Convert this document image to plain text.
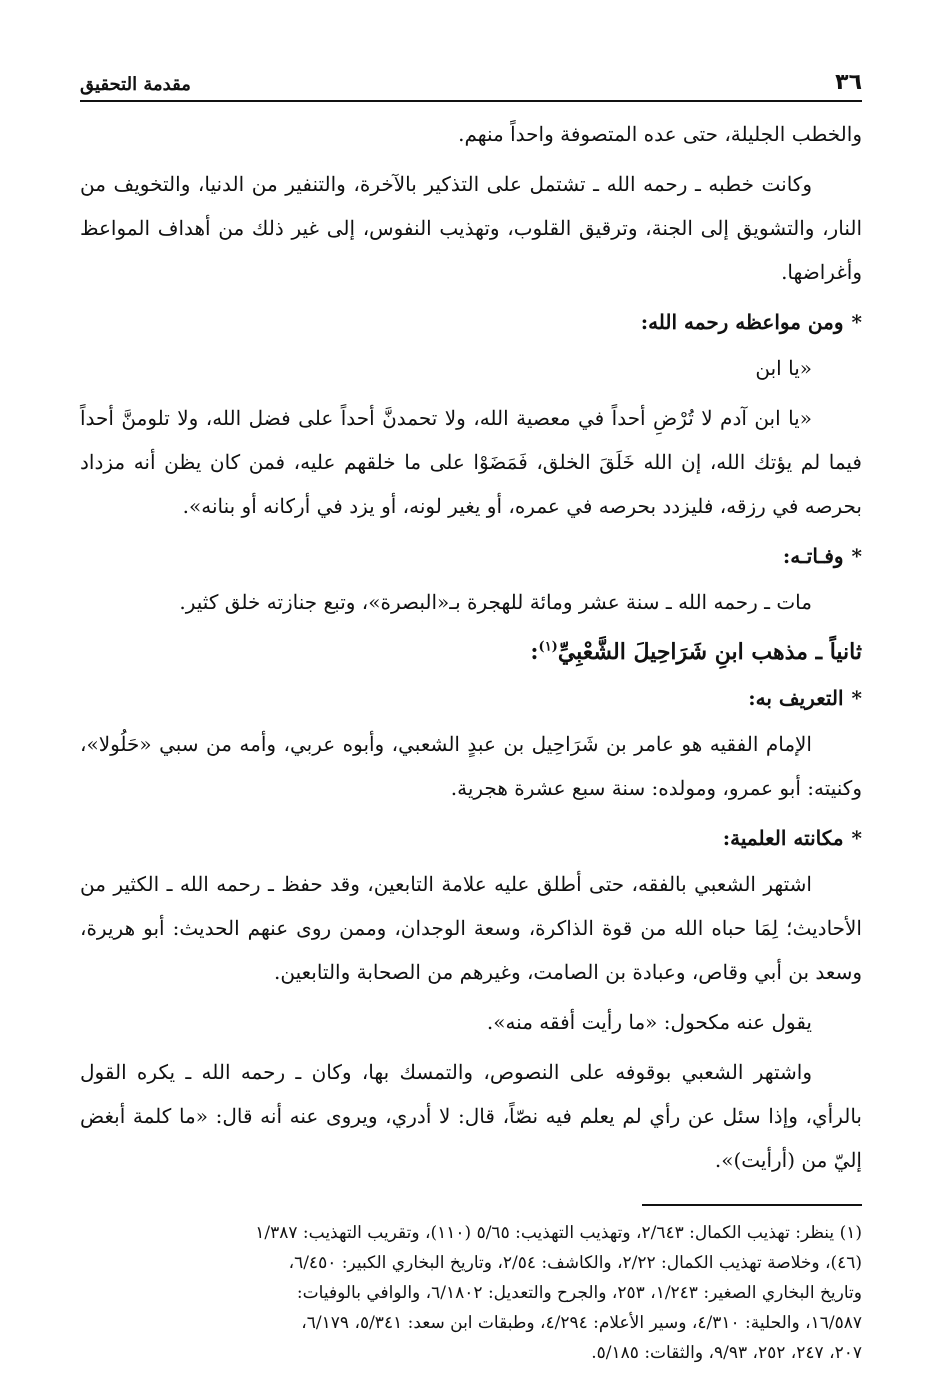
٣٦
مقدمة التحقيق

والخطب الجليلة، حتى عده المتصوفة واحداً منهم.

وكانت خطبه ـ رحمه الله ـ تشتمل على التذكير بالآخرة، والتنفير من الدنيا، والتخويف من النار، والتشويق إلى الجنة، وترقيق القلوب، وتهذيب النفوس، إلى غير ذلك من أهداف المواعظ وأغراضها.

*ومن مواعظه رحمه الله:

«يا ابن

«يا ابن آدم لا تُرْضِ أحداً في معصية الله، ولا تحمدنَّ أحداً على فضل الله، ولا تلومنَّ أحداً فيما لم يؤتك الله، إن الله خَلَقَ الخلق، فَمَضَوْا على ما خلقهم عليه، فمن كان يظن أنه مزداد بحرصه في رزقه، فليزدد بحرصه في عمره، أو يغير لونه، أو يزد في أركانه أو بنانه».

*وفـاتـه:

مات ـ رحمه الله ـ سنة عشر ومائة للهجرة بـ«البصرة»، وتبع جنازته خلق كثير.

ثانياً ـ مذهب ابنِ شَرَاحِيلَ الشَّعْبِيِّ$^{(١)}$:

*التعريف به:

الإمام الفقيه هو عامر بن شَرَاحِيل بن عبدٍ الشعبي، وأبوه عربي، وأمه من سبي «حَلُولا»، وكنيته: أبو عمرو، ومولده: سنة سبع عشرة هجرية.

*مكانته العلمية:

اشتهر الشعبي بالفقه، حتى أطلق عليه علامة التابعين، وقد حفظ ـ رحمه الله ـ الكثير من الأحاديث؛ لِمَا حباه الله من قوة الذاكرة، وسعة الوجدان، وممن روى عنهم الحديث: أبو هريرة، وسعد بن أبي وقاص، وعبادة بن الصامت، وغيرهم من الصحابة والتابعين.

يقول عنه مكحول: «ما رأيت أفقه منه».

واشتهر الشعبي بوقوفه على النصوص، والتمسك بها، وكان ـ رحمه الله ـ يكره القول بالرأي، وإذا سئل عن رأي لم يعلم فيه نصّاً، قال: لا أدري، ويروى عنه أنه قال: «ما كلمة أبغض إليّ من (أرأيت)».

(١) ينظر: تهذيب الكمال: ٢/٦٤٣، وتهذيب التهذيب: ٥/٦٥ (١١٠)، وتقريب التهذيب: ١/٣٨٧

(٤٦)، وخلاصة تهذيب الكمال: ٢/٢٢، والكاشف: ٢/٥٤، وتاريخ البخاري الكبير: ٦/٤٥٠،

وتاريخ البخاري الصغير: ١/٢٤٣، ٢٥٣، والجرح والتعديل: ٦/١٨٠٢، والوافي بالوفيات:

١٦/٥٨٧، والحلية: ٤/٣١٠، وسير الأعلام: ٤/٢٩٤، وطبقات ابن سعد: ٥/٣٤١، ٦/١٧٩،

٢٠٧، ٢٤٧، ٢٥٢، ٩/٩٣، والثقات: ٥/١٨٥.
